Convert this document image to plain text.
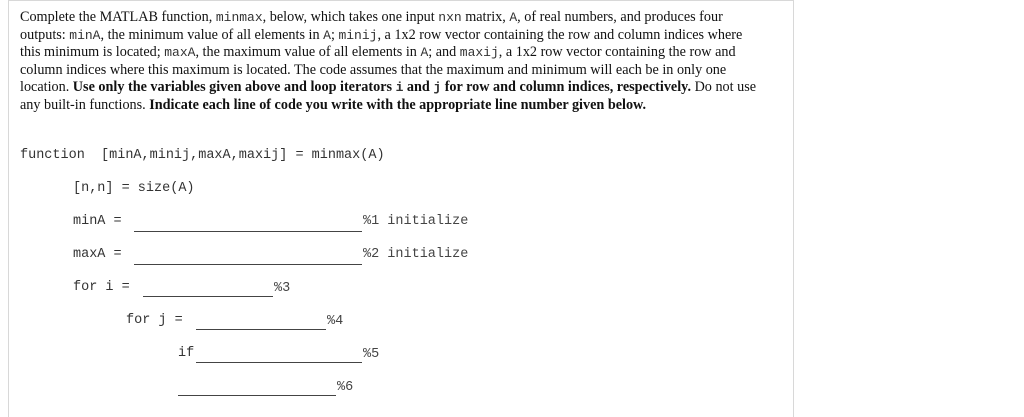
Complete the MATLAB function, minmax, below, which takes one input nxn matrix, A, of real numbers, and produces four outputs: minA, the minimum value of all elements in A; minij, a 1x2 row vector containing the row and column indices where this minimum is located; maxA, the maximum value of all elements in A; and maxij, a 1x2 row vector containing the row and column indices where this maximum is located. The code assumes that the maximum and minimum will each be in only one location. Use only the variables given above and loop iterators i and j for row and column indices, respectively. Do not use any built-in functions. Indicate each line of code you write with the appropriate line number given below.

function  [minA,minij,maxA,maxij] = minmax(A)
[n,n] = size(A)
minA =	%1 initialize
maxA =	%2 initialize
for i =	%3
for j =	%4
if	%5
%6
